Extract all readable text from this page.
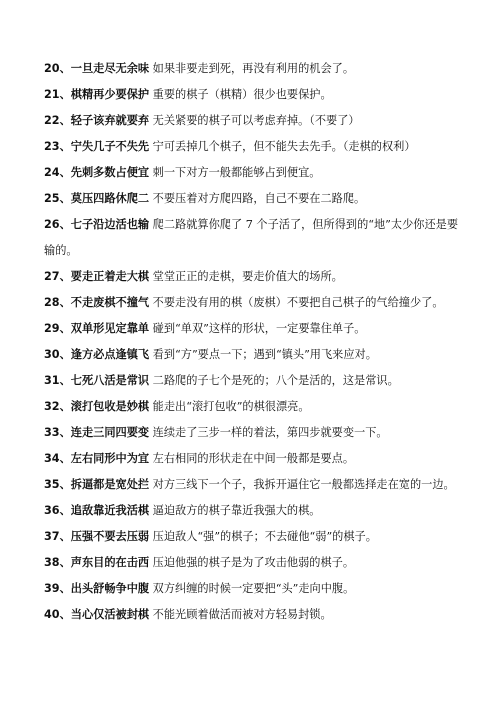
20、一旦走尽无余味 如果非要走到死，再没有利用的机会了。
21、棋精再少要保护 重要的棋子（棋精）很少也要保护。
22、轻子该弃就要弃 无关紧要的棋子可以考虑弃掉。（不要了）
23、宁失几子不失先 宁可丢掉几个棋子，但不能失去先手。（走棋的权利）
24、先刺多数占便宜 刺一下对方一般都能够占到便宜。
25、莫压四路休爬二 不要压着对方爬四路，自己不要在二路爬。
26、七子沿边活也输 爬二路就算你爬了 7 个子活了，但所得到的“地”太少你还是要
输的。
27、要走正着走大棋 堂堂正正的走棋，要走价值大的场所。
28、不走废棋不撞气 不要走没有用的棋（废棋）不要把自己棋子的气给撞少了。
29、双单形见定靠单 碰到“单双”这样的形状，一定要靠住单子。
30、逢方必点逢镇飞 看到“方”要点一下；遇到“镇头”用飞来应对。
31、七死八活是常识 二路爬的子七个是死的；八个是活的，这是常识。
32、滚打包收是妙棋 能走出“滚打包收”的棋很漂亮。
33、连走三同四要变 连续走了三步一样的着法，第四步就要变一下。
34、左右同形中为宜 左右相同的形状走在中间一般都是要点。
35、拆逼都是宽处拦 对方三线下一个子，我拆开逼住它一般都选择走在宽的一边。
36、追敌靠近我活棋 逼迫敌方的棋子靠近我强大的棋。
37、压强不要去压弱 压迫敌人“强”的棋子；不去碰他“弱”的棋子。
38、声东目的在击西 压迫他强的棋子是为了攻击他弱的棋子。
39、出头舒畅争中腹 双方纠缠的时候一定要把“头”走向中腹。
40、当心仅活被封棋 不能光顾着做活而被对方轻易封锁。
